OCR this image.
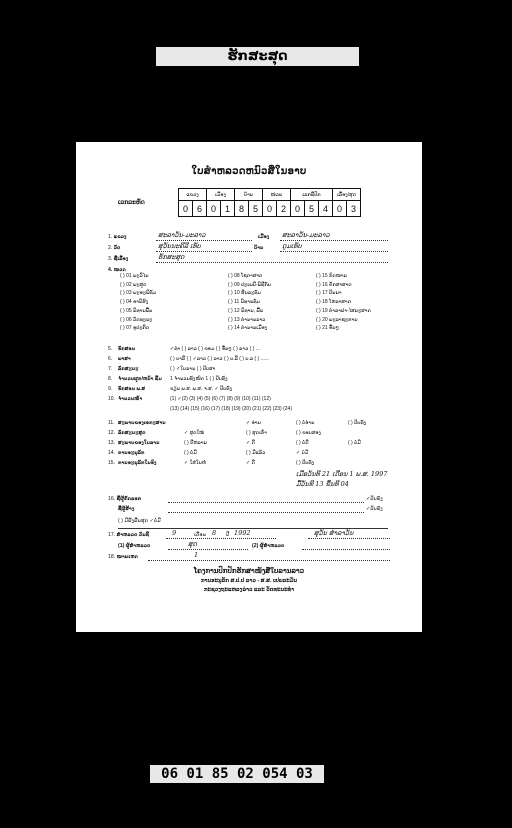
ຮັກສະສຸດ
ໃບສໍາຫລວດຫນົວສືໃນອາບ
ເລກລະຫັດ
ແຂວງ		ເມືອງ		ບ້ານ		ໜ່ວຍ		ເລກທີ່ປົກ			ເລື່ອງ/ສຸດ	
0	6	0	1	8	5	0	2	0	5	4	0	3
1. ແຂວງ	ສະລາວັນ-ມະລາວ	ເມືອງ ສະລາວັນ-ມະລາວ
2. ວັດ	ສຸວັນນະຄີລີ ເທັບ	ບ້ານ	ດູມເທັບ
3. ຊື່ເລື່ອງ	ຮັກສະສຸດ
4. ໝວດ
( ) 01 ພະວິໄນ	( ) 08 ໂຊດາສາດ	( ) 15 ກົດໝາຍ
( ) 02 ພະສູດ	( ) 09 ປະເພນີ-ພິທີກັນ	( ) 16 ຄັກສາສາດ
( ) 03 ພະອະພິທັມ	( ) 10 ສິນລະທັມ	( ) 17 ປັນຍາ
( ) 04 ອານິສົງ	( ) 11 ນິທານທັມ	( ) 18 ໂຫລາສາດ
( ) 05 ນິທານພື້ນ	( ) 12 ນິທານ, ພື້ນ	( ) 19 ຕໍາລາຢາ-ໄສຍະສາດ
( ) 06 ວັດທະນະ	( ) 13 ຕໍານານລາວ	( ) 20 ພະລາຊະການ
( ) 07 ອຸປະກິດ	( ) 14 ຕໍານານເມືອງ	( ) 21 ອື່ນໆ
5. ອັກສອນ	✓ທໍາ ( ) ລາວ ( ) ຂອມ ( ) ອື່ນໆ ( ) ລາວ ( ) ...
6. ພາສາ	( ) ບາລີ ( ) ✓ລາວ ( ) ລາວ ( ) ບ.ລີ ( ) ບ.ລ ( ) ......
7. ລັກສະນະ	( ) ✓ໃບລານ ( ) ປັບສາ
8. ຈໍານວນຜູກ/ຫນ້າ ທີ່ມ 1 ຈໍານວນທັງໝົດ 1 ( ) ປັບທັງ
9. ອັກສອນ ພ.ສ	ຂຽນ ພ.ສ. ພ.ສ. ຈ.ສ. ✓ ປັບທັງ
10. ຈໍານວນໜ້າ	(1) ✓(2) (3) (4) (5) (6) (7) (8) (9) (10) (11) (12)
(13) (14) (15) (16) (17) (18) (19) (20) (21) (22) (23) (24)
11. ສະພາບຂອງເອກະສານ	✓ ອ່ານ	( ) ບໍ່ອ່ານ	( ) ປັບທັງ
12. ລັກສະນະສຸດ	✓ ສຸດໃໝ່	( ) ສຸດເກົ່າ	( ) ຂອບສອງ
13. ສະພາບຂອງໃບລານ	( ) ດີຫລາຍ	✓ ດີ	( ) ບໍ່ດີ	( ) ບໍ່ມີ
14. ການອະນຸລັກ	( ) ບໍ່ມີ	( ) ມີແລ້ວ	✓ ບໍ່ມີ
15. ການອະນຸລັກໃນອົງ	✓ ໃສ່ໃນຫໍ	✓ ດີ	( ) ປັບທັງ
ເມື່ອວັນທີ 21 ເດືອນ 1 ພ.ສ. 1997
ມື້ວັນທີ 13 ຂຶ້ນທີ 04
16. ຊື່ຜູ້ຄັດລອກ	✓ປັບທັງ
ຊື່ຜູ້ສ້າງ	✓ປັບທັງ
( ) ມີຢັ້ງຢືນສຸດ ✓ບໍ່ມີ
17. ສໍາຫລວດ ວັນທີ	9	ເດືອນ 8 ປີ 1992	ສຸວັນ ສໍາລາວັນ
(1) ຜູ້ສໍາຫລວດ	ສຸດ	(2) ຜູ້ສໍາຫລວດ
18. ໝາຍເຫດ	1
ໂຄງການປົກປັກຮັກສາໜັງສືໃບລານລາວ
ການອະນຸລັກ ສ.ປ.ປ ລາວ - ສ.ສ. ເຢຍລະມັນ
ກະຊວງຖະແຫລງຂ່າວ ແລະ ວັດທະນະທໍາ
06 01 85 02 054 03
